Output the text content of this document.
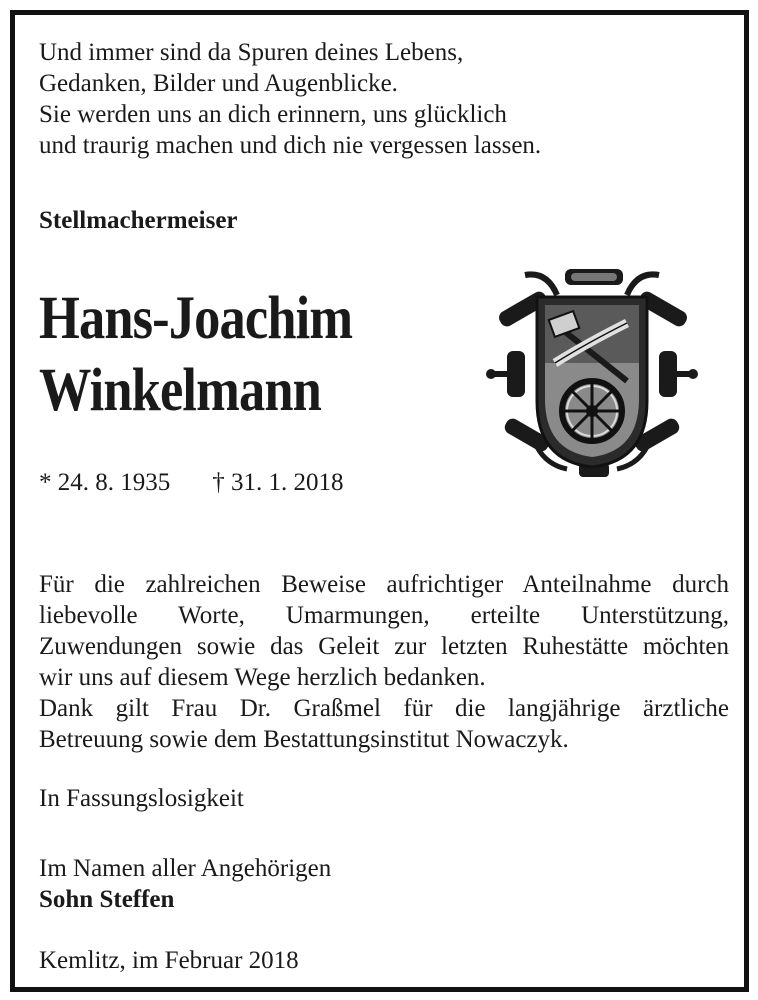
Und immer sind da Spuren deines Lebens,
Gedanken, Bilder und Augenblicke.
Sie werden uns an dich erinnern, uns glücklich
und traurig machen und dich nie vergessen lassen.
Stellmachermeiser
Hans-Joachim
Winkelmann
* 24. 8. 1935 † 31. 1. 2018

Für die zahlreichen Beweise aufrichtiger Anteilnahme durch

liebevolle Worte, Umarmungen, erteilte Unterstützung,

Zuwendungen sowie das Geleit zur letzten Ruhestätte möchten

wir uns auf diesem Wege herzlich bedanken.

Dank gilt Frau Dr. Graßmel für die langjährige ärztliche

Betreuung sowie dem Bestattungsinstitut Nowaczyk.

In Fassungslosigkeit
Im Namen aller Angehörigen
Sohn Steffen
Kemlitz, im Februar 2018
